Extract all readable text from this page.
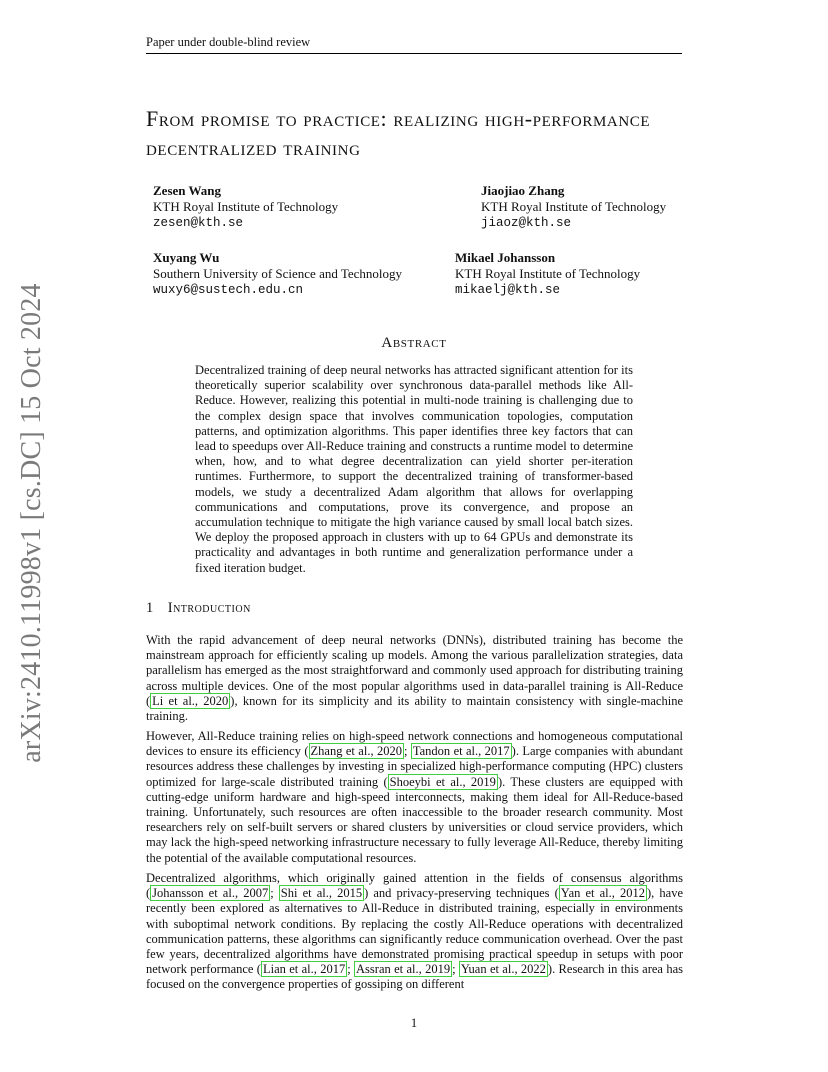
Paper under double-blind review
arXiv:2410.11998v1 [cs.DC] 15 Oct 2024
From promise to practice: realizing high-performance decentralized training
Zesen Wang
KTH Royal Institute of Technology
zesen@kth.se
Jiaojiao Zhang
KTH Royal Institute of Technology
jiaoz@kth.se
Xuyang Wu
Southern University of Science and Technology
wuxy6@sustech.edu.cn
Mikael Johansson
KTH Royal Institute of Technology
mikaelj@kth.se
Abstract

Decentralized training of deep neural networks has attracted significant attention for its theoretically superior scalability over synchronous data-parallel methods like All-Reduce. However, realizing this potential in multi-node training is challenging due to the complex design space that involves communication topologies, computation patterns, and optimization algorithms. This paper identifies three key factors that can lead to speedups over All-Reduce training and constructs a runtime model to determine when, how, and to what degree decentralization can yield shorter per-iteration runtimes. Furthermore, to support the decentralized training of transformer-based models, we study a decentralized Adam algorithm that allows for overlapping communications and computations, prove its convergence, and propose an accumulation technique to mitigate the high variance caused by small local batch sizes. We deploy the proposed approach in clusters with up to 64 GPUs and demonstrate its practicality and advantages in both runtime and generalization performance under a fixed iteration budget.

1 Introduction

With the rapid advancement of deep neural networks (DNNs), distributed training has become the mainstream approach for efficiently scaling up models. Among the various parallelization strategies, data parallelism has emerged as the most straightforward and commonly used approach for distributing training across multiple devices. One of the most popular algorithms used in data-parallel training is All-Reduce ( Li et al., 2020 ), known for its simplicity and its ability to maintain consistency with single-machine training.

However, All-Reduce training relies on high-speed network connections and homogeneous computational devices to ensure its efficiency ( Zhang et al., 2020 ; Tandon et al., 2017 ). Large companies with abundant resources address these challenges by investing in specialized high-performance computing (HPC) clusters optimized for large-scale distributed training ( Shoeybi et al., 2019 ). These clusters are equipped with cutting-edge uniform hardware and high-speed interconnects, making them ideal for All-Reduce-based training. Unfortunately, such resources are often inaccessible to the broader research community. Most researchers rely on self-built servers or shared clusters by universities or cloud service providers, which may lack the high-speed networking infrastructure necessary to fully leverage All-Reduce, thereby limiting the potential of the available computational resources.

Decentralized algorithms, which originally gained attention in the fields of consensus algorithms ( Johansson et al., 2007 ; Shi et al., 2015 ) and privacy-preserving techniques ( Yan et al., 2012 ), have recently been explored as alternatives to All-Reduce in distributed training, especially in environments with suboptimal network conditions. By replacing the costly All-Reduce operations with decentralized communication patterns, these algorithms can significantly reduce communication overhead. Over the past few years, decentralized algorithms have demonstrated promising practical speedup in setups with poor network performance ( Lian et al., 2017 ; Assran et al., 2019 ; Yuan et al., 2022 ). Research in this area has focused on the convergence properties of gossiping on different

1
